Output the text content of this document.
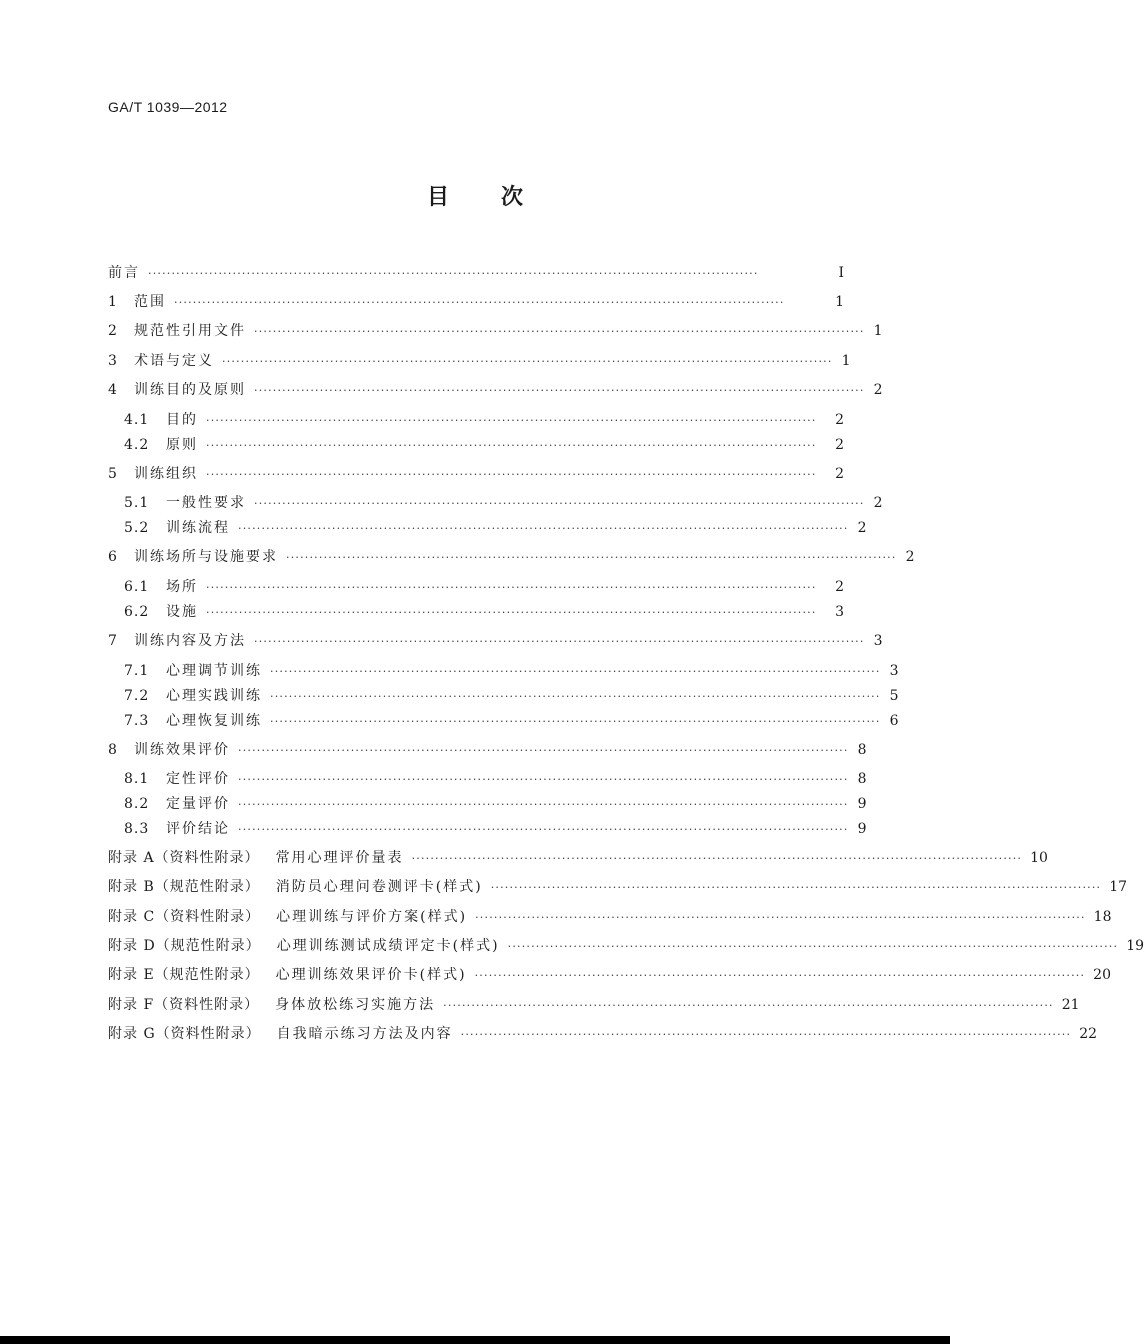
GA/T 1039—2012
目 次
前言 ··································································································································	Ⅰ
1	范围 ··································································································································	1
2	规范性引用文件 ·································································································································· 1
3	术语与定义 ·································································································································· 1
4	训练目的及原则 ·································································································································· 2
4.1	目的 ··································································································································	2
4.2	原则 ··································································································································	2
5	训练组织 ··································································································································	2
5.1	一般性要求 ·································································································································· 2
5.2	训练流程 ·································································································································· 2
6	训练场所与设施要求 ·································································································································· 2
6.1	场所 ··································································································································	2
6.2	设施 ··································································································································	3
7	训练内容及方法 ·································································································································· 3
7.1	心理调节训练 ·································································································································· 3
7.2	心理实践训练 ·································································································································· 5
7.3	心理恢复训练 ·································································································································· 6
8	训练效果评价 ·································································································································· 8
8.1	定性评价 ·································································································································· 8
8.2	定量评价 ·································································································································· 9
8.3	评价结论 ·································································································································· 9
附录 A（资料性附录） 常用心理评价量表 ·································································································································· 10
附录 B（规范性附录） 消防员心理问卷测评卡(样式) ·································································································································· 17
附录 C（资料性附录） 心理训练与评价方案(样式) ·································································································································· 18
附录 D（规范性附录） 心理训练测试成绩评定卡(样式) ·································································································································· 19
附录 E（规范性附录） 心理训练效果评价卡(样式) ·································································································································· 20
附录 F（资料性附录） 身体放松练习实施方法 ·································································································································· 21
附录 G（资料性附录） 自我暗示练习方法及内容 ·································································································································· 22
